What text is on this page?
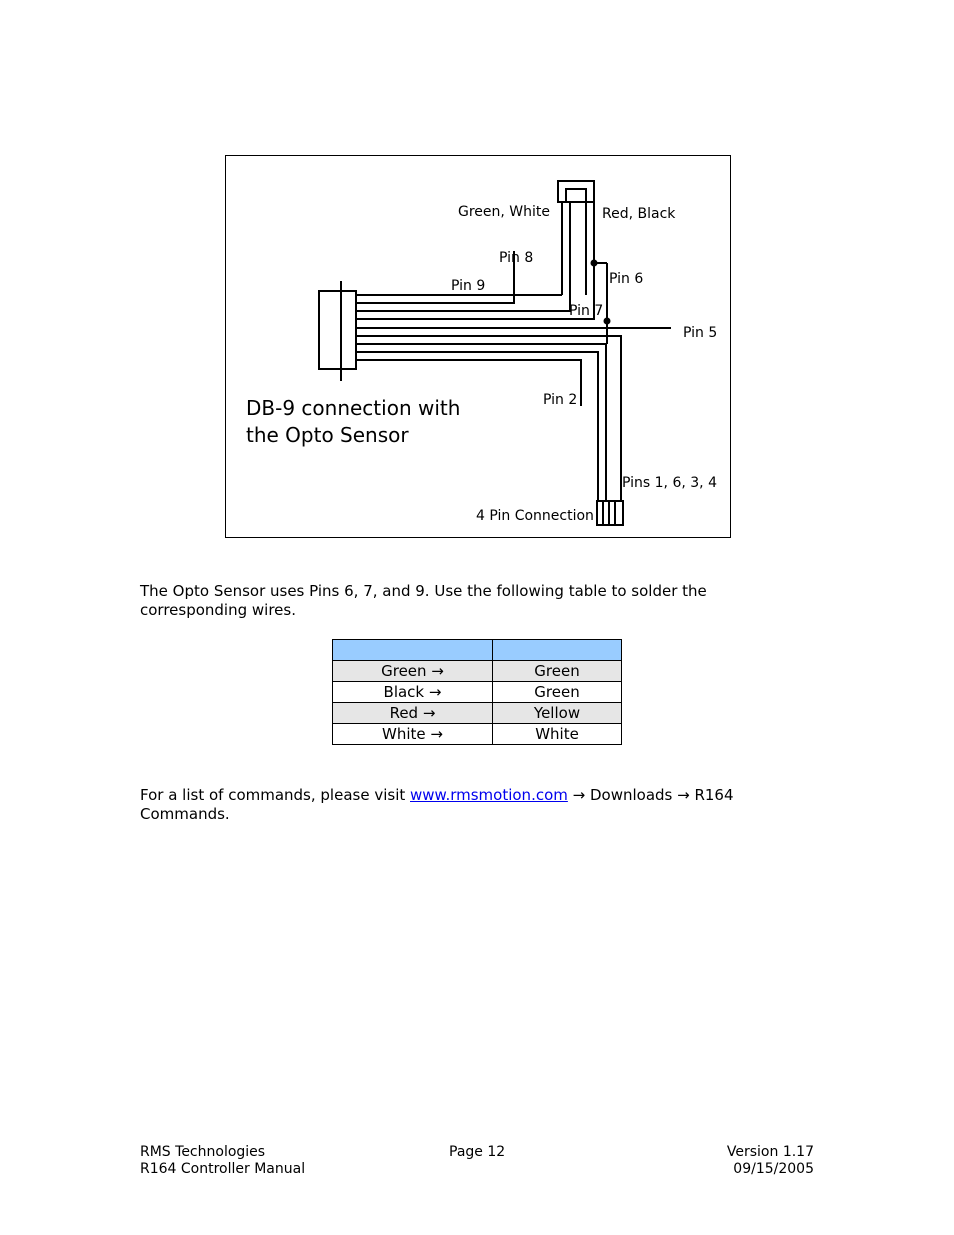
Green, White	Red, Black
Pin 8
Pin 9	Pin 6
Pin 7
Pin 5
Pin 2
Pins 1, 6, 3, 4
4 Pin Connection
DB-9 connection with
the Opto Sensor
The Opto Sensor uses Pins 6, 7, and 9. Use the following table to solder the corresponding wires.

Green →	Green
Black →	Green
Red →	Yellow
White →	White
For a list of commands, please visit www.rmsmotion.com → Downloads → R164 Commands.
RMS Technologies
R164 Controller Manual
Page 12	Version 1.17
09/15/2005
